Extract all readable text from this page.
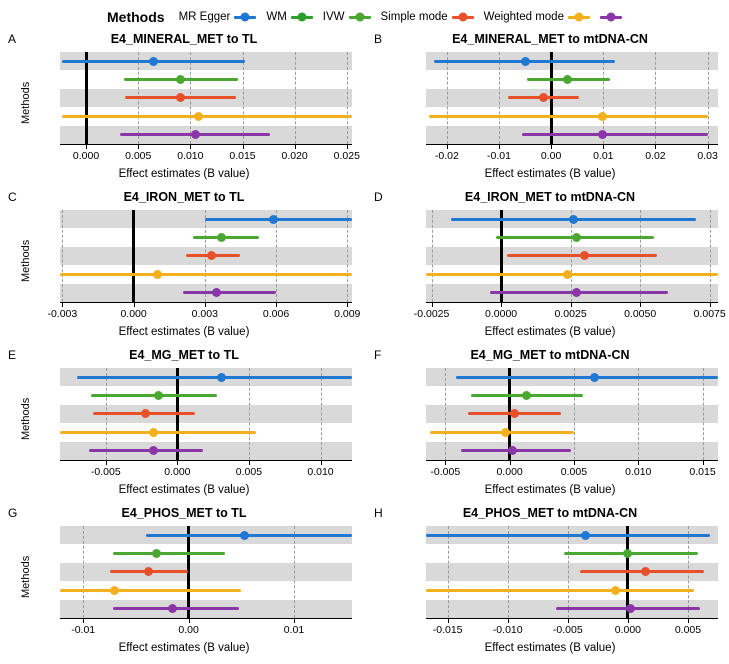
Methods MR Egger	WM	IVW	Simple mode	Weighted mode
A	E4_MINERAL_MET to TL
Methods
0.000 0.005 0.010 0.015 0.020 0.025
Effect estimates (B value)
B	E4_MINERAL_MET to mtDNA-CN
-0.02	-0.01	0.00	0.01	0.02	0.03
Effect estimates (B value)
C	E4_IRON_MET to TL
Methods
-0.003	0.000	0.003	0.006	0.009
Effect estimates (B value)
D	E4_IRON_MET to mtDNA-CN
-0.0025	0.0000	0.0025	0.0050	0.0075
Effect estimates (B value)
E	E4_MG_MET to TL
Methods
-0.005	0.000	0.005	0.010
Effect estimates (B value)
F	E4_MG_MET to mtDNA-CN
-0.005	0.000	0.005	0.010	0.015
Effect estimates (B value)
G	E4_PHOS_MET to TL
Methods
-0.01	0.00	0.01
Effect estimates (B value)
H	E4_PHOS_MET to mtDNA-CN
-0.015	-0.010	-0.005	0.000	0.005
Effect estimates (B value)
